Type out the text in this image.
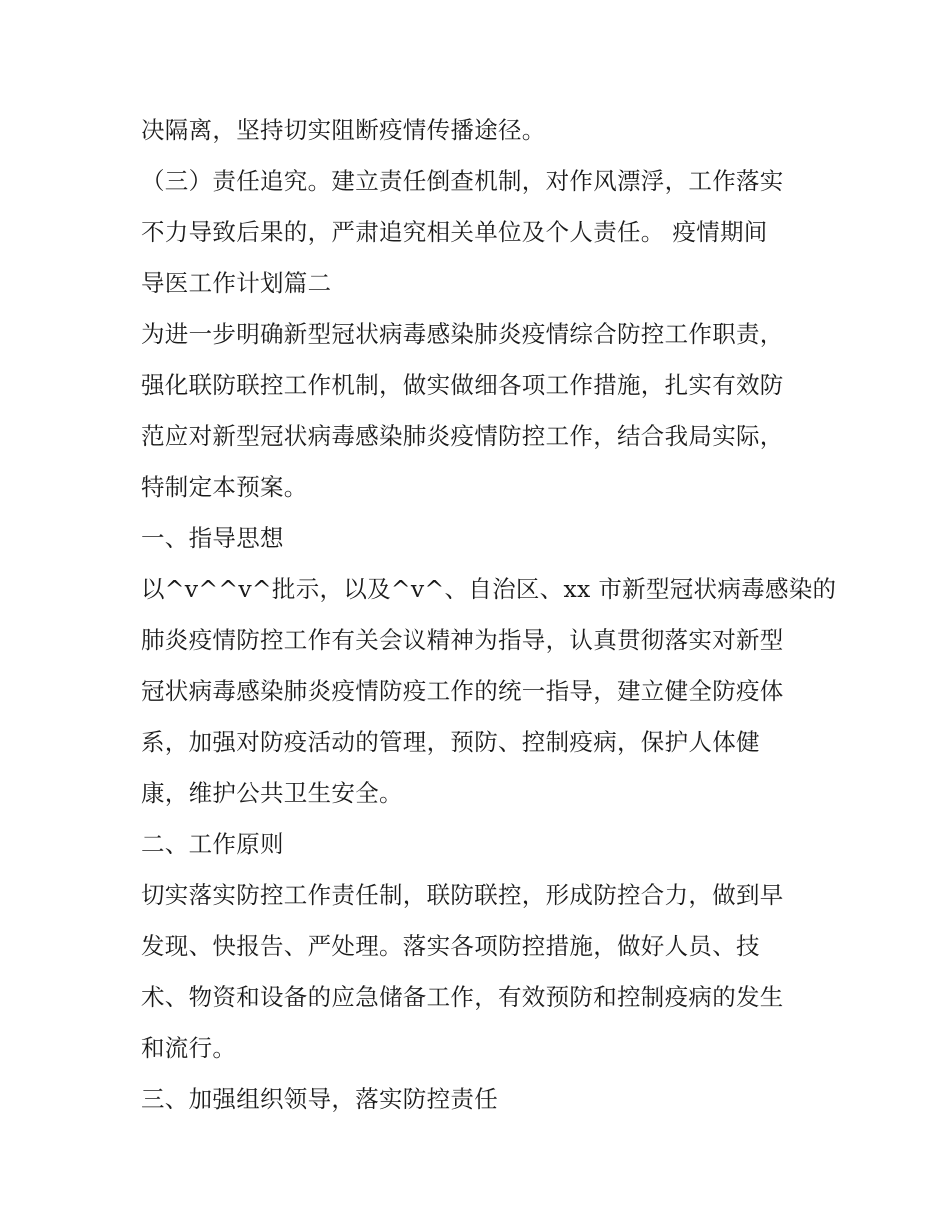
决隔离，坚持切实阻断疫情传播途径。
（三）责任追究。建立责任倒查机制，对作风漂浮，工作落实
不力导致后果的，严肃追究相关单位及个人责任。 疫情期间
导医工作计划篇二
为进一步明确新型冠状病毒感染肺炎疫情综合防控工作职责，
强化联防联控工作机制，做实做细各项工作措施，扎实有效防
范应对新型冠状病毒感染肺炎疫情防控工作，结合我局实际，
特制定本预案。
一、指导思想
以^v^^v^批示，以及^v^、自治区、xx 市新型冠状病毒感染的
肺炎疫情防控工作有关会议精神为指导，认真贯彻落实对新型
冠状病毒感染肺炎疫情防疫工作的统一指导，建立健全防疫体
系，加强对防疫活动的管理，预防、控制疫病，保护人体健
康，维护公共卫生安全。
二、工作原则
切实落实防控工作责任制，联防联控，形成防控合力，做到早
发现、快报告、严处理。落实各项防控措施，做好人员、技
术、物资和设备的应急储备工作，有效预防和控制疫病的发生
和流行。
三、加强组织领导，落实防控责任
